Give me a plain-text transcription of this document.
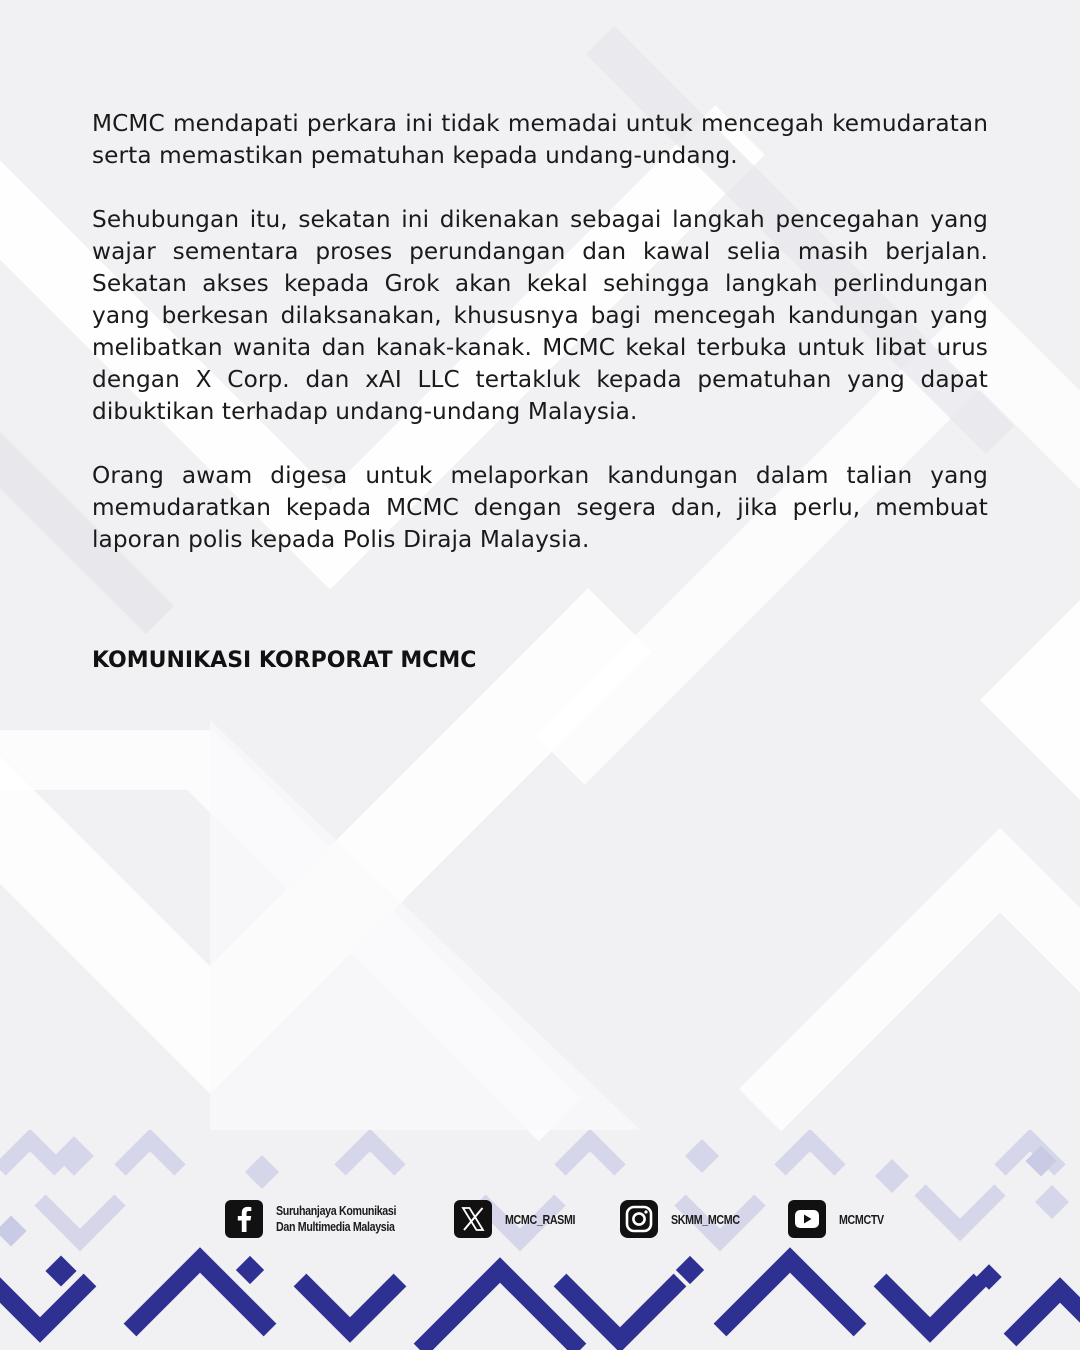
MCMC mendapati perkara ini tidak memadai untuk mencegah kemudaratan serta memastikan pematuhan kepada undang-undang.

Sehubungan itu, sekatan ini dikenakan sebagai langkah pencegahan yang wajar sementara proses perundangan dan kawal selia masih berjalan. Sekatan akses kepada Grok akan kekal sehingga langkah perlindungan yang berkesan dilaksanakan, khususnya bagi mencegah kandungan yang melibatkan wanita dan kanak-kanak. MCMC kekal terbuka untuk libat urus dengan X Corp. dan xAI LLC tertakluk kepada pematuhan yang dapat dibuktikan terhadap undang-undang Malaysia.

Orang awam digesa untuk melaporkan kandungan dalam talian yang memudaratkan kepada MCMC dengan segera dan, jika perlu, membuat laporan polis kepada Polis Diraja Malaysia.

KOMUNIKASI KORPORAT MCMC

Suruhanjaya Komunikasi
Dan Multimedia Malaysia	MCMC_RASMI	SKMM_MCMC	MCMCTV
